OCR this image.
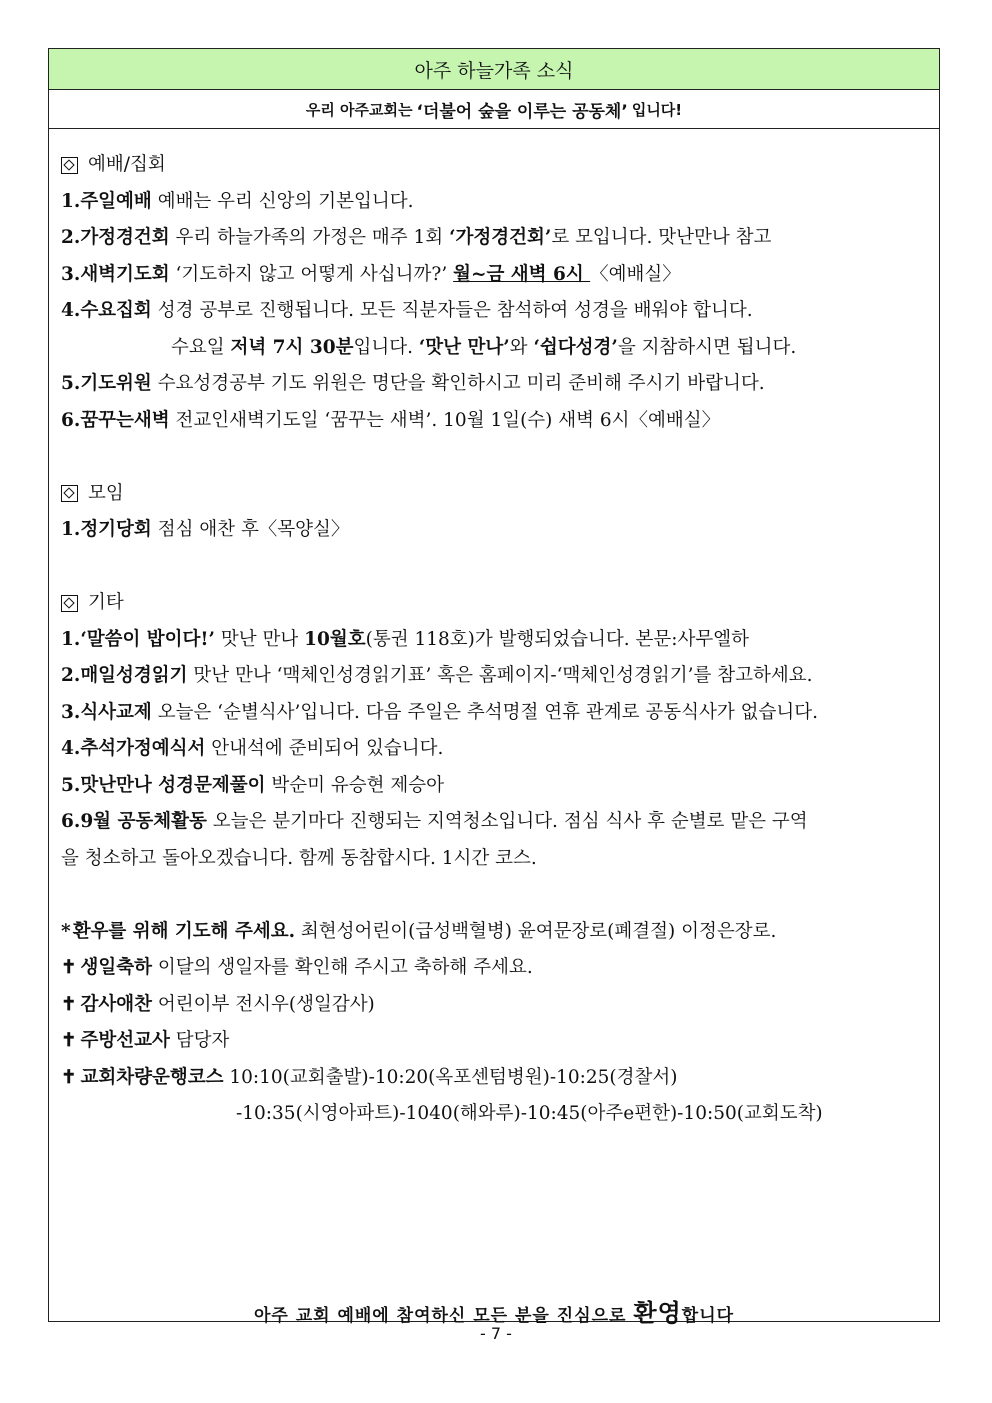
아주 하늘가족 소식
우리 아주교회는 ‘더불어 숲을 이루는 공동체’ 입니다!
예배/집회
1.주일예배 예배는 우리 신앙의 기본입니다.
2.가정경건회 우리 하늘가족의 가정은 매주 1회 ‘가정경건회’로 모입니다. 맛난만나 참고
3.새벽기도회 ‘기도하지 않고 어떻게 사십니까?’ 월~금 새벽 6시 〈예배실〉
4.수요집회 성경 공부로 진행됩니다. 모든 직분자들은 참석하여 성경을 배워야 합니다.
수요일 저녁 7시 30분입니다. ‘맛난 만나’와 ‘쉽다성경’을 지참하시면 됩니다.
5.기도위원 수요성경공부 기도 위원은 명단을 확인하시고 미리 준비해 주시기 바랍니다.
6.꿈꾸는새벽 전교인새벽기도일 ‘꿈꾸는 새벽’. 10월 1일(수) 새벽 6시〈예배실〉
모임
1.정기당회 점심 애찬 후〈목양실〉
기타
1.‘말씀이 밥이다!’ 맛난 만나 10월호(통권 118호)가 발행되었습니다. 본문:사무엘하
2.매일성경읽기 맛난 만나 ‘맥체인성경읽기표’ 혹은 홈페이지-‘맥체인성경읽기’를 참고하세요.
3.식사교제 오늘은 ‘순별식사’입니다. 다음 주일은 추석명절 연휴 관계로 공동식사가 없습니다.
4.추석가정예식서 안내석에 준비되어 있습니다.
5.맛난만나 성경문제풀이 박순미 유승현 제승아
6.9월 공동체활동 오늘은 분기마다 진행되는 지역청소입니다. 점심 식사 후 순별로 맡은 구역
을 청소하고 돌아오겠습니다. 함께 동참합시다. 1시간 코스.
* 환우를 위해 기도해 주세요. 최현성어린이(급성백혈병) 윤여문장로(폐결절) 이정은장로.
✝ 생일축하 이달의 생일자를 확인해 주시고 축하해 주세요.
✝ 감사애찬 어린이부 전시우(생일감사)
✝ 주방선교사 담당자
✝ 교회차량운행코스 10:10(교회출발)-10:20(옥포센텀병원)-10:25(경찰서)
-10:35(시영아파트)-1040(해와루)-10:45(아주e편한)-10:50(교회도착)
아주 교회 예배에 참여하신 모든 분을 진심으로 환영합니다
- 7 -
